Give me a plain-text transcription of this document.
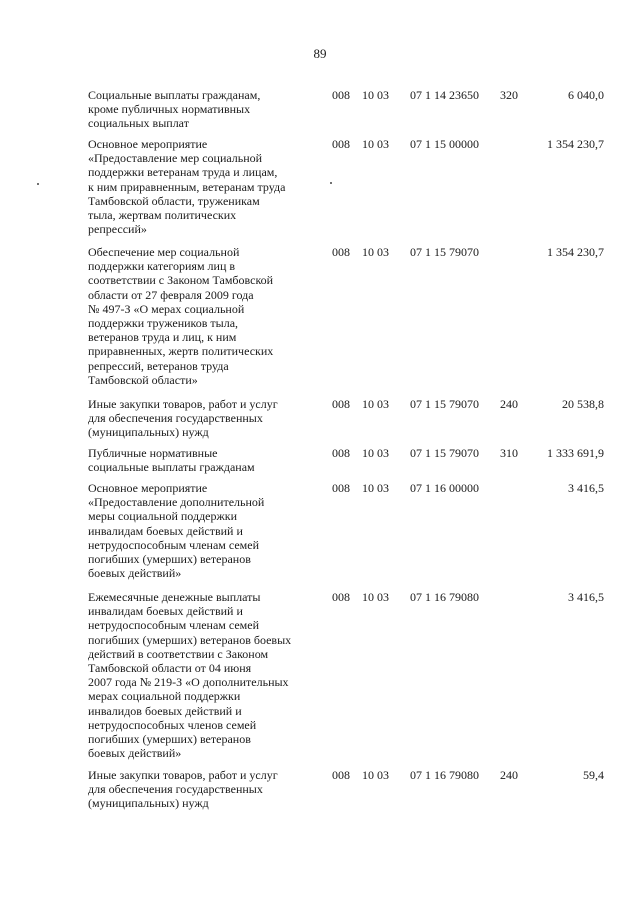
89
Социальные выплаты гражданам,
кроме публичных нормативных
социальных выплат
008 10 03 07 1 14 23650 320	6 040,0
Основное мероприятие
«Предоставление мер социальной
поддержки ветеранам труда и лицам,
к ним приравненным, ветеранам труда
Тамбовской области, труженикам
тыла, жертвам политических
репрессий»
008 10 03 07 1 15 00000	1 354 230,7
Обеспечение мер социальной
поддержки категориям лиц в
соответствии с Законом Тамбовской
области от 27 февраля 2009 года
№ 497-З «О мерах социальной
поддержки тружеников тыла,
ветеранов труда и лиц, к ним
приравненных, жертв политических
репрессий, ветеранов труда
Тамбовской области»
008 10 03 07 1 15 79070	1 354 230,7
Иные закупки товаров, работ и услуг
для обеспечения государственных
(муниципальных) нужд
008 10 03 07 1 15 79070 240	20 538,8
Публичные нормативные
социальные выплаты гражданам
008 10 03 07 1 15 79070 310 1 333 691,9
Основное мероприятие
«Предоставление дополнительной
меры социальной поддержки
инвалидам боевых действий и
нетрудоспособным членам семей
погибших (умерших) ветеранов
боевых действий»
008 10 03 07 1 16 00000	3 416,5
Ежемесячные денежные выплаты
инвалидам боевых действий и
нетрудоспособным членам семей
погибших (умерших) ветеранов боевых
действий в соответствии с Законом
Тамбовской области от 04 июня
2007 года № 219-З «О дополнительных
мерах социальной поддержки
инвалидов боевых действий и
нетрудоспособных членов семей
погибших (умерших) ветеранов
боевых действий»
008 10 03 07 1 16 79080	3 416,5
Иные закупки товаров, работ и услуг
для обеспечения государственных
(муниципальных) нужд
008 10 03 07 1 16 79080 240	59,4
